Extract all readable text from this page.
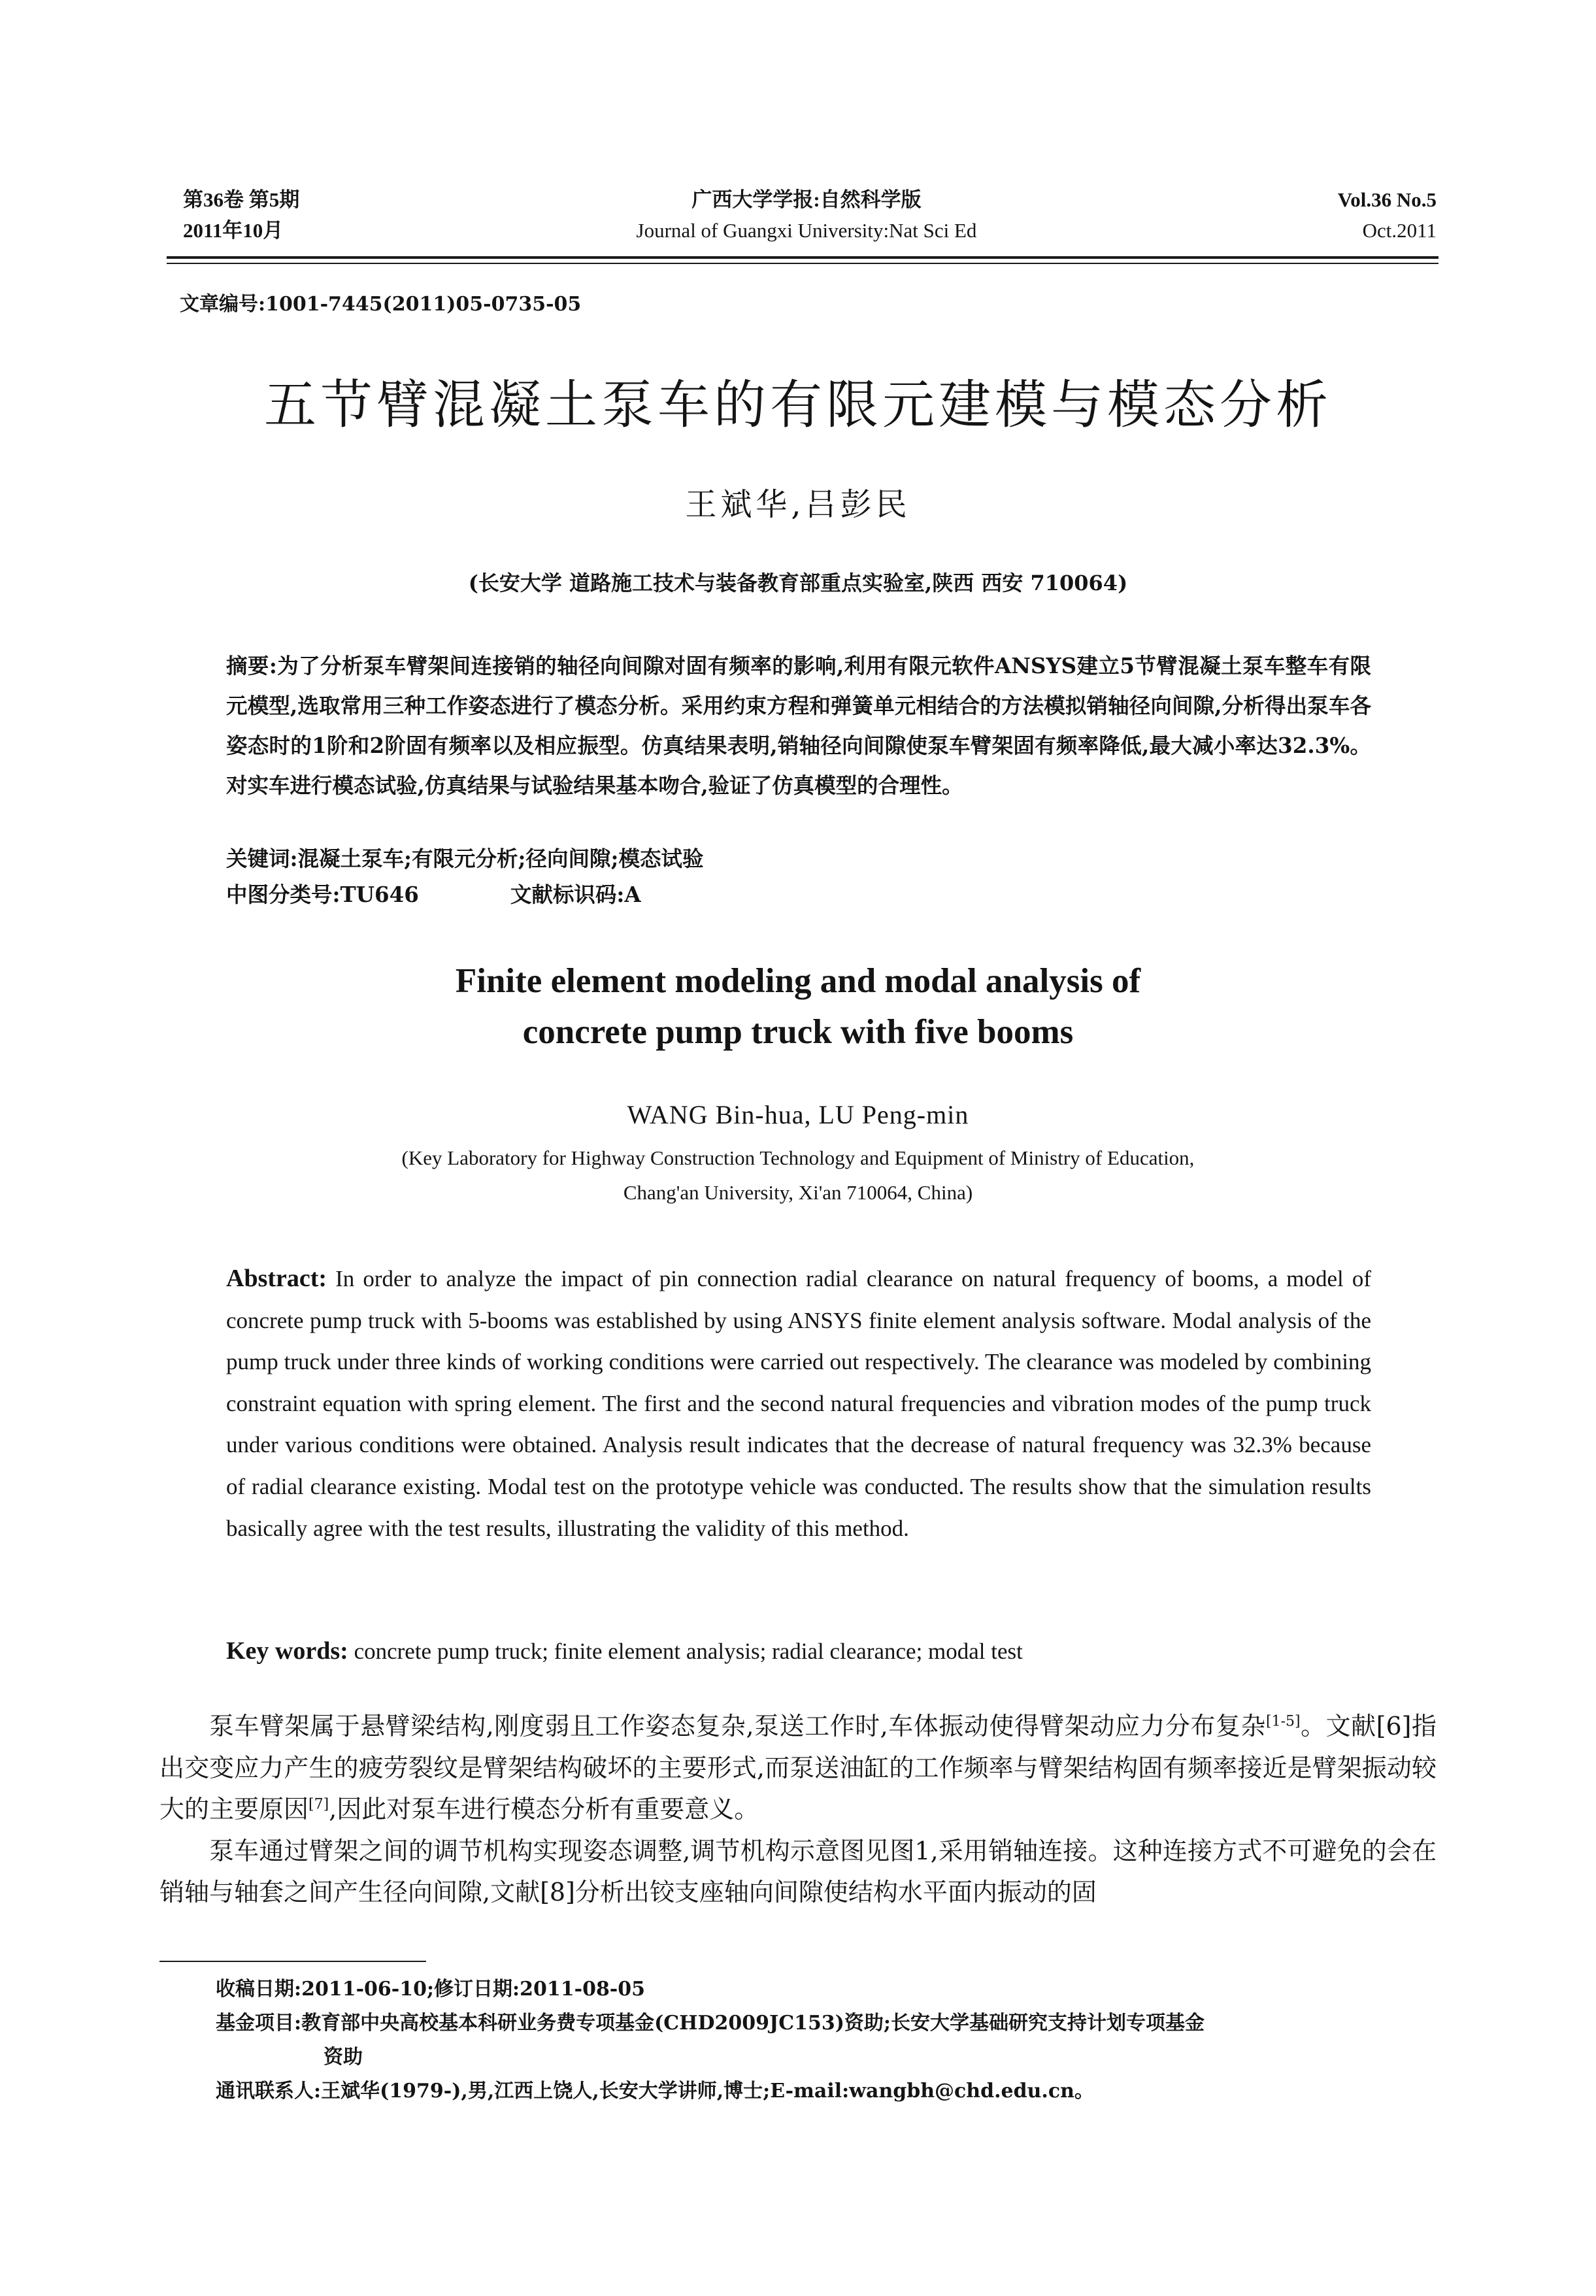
第36卷 第5期
2011年10月
广西大学学报:自然科学版
Journal of Guangxi University:Nat Sci Ed
Vol.36 No.5
Oct.2011
文章编号:1001-7445(2011)05-0735-05
五节臂混凝土泵车的有限元建模与模态分析
王斌华,吕彭民
(长安大学 道路施工技术与装备教育部重点实验室,陕西 西安 710064)
摘要:为了分析泵车臂架间连接销的轴径向间隙对固有频率的影响,利用有限元软件ANSYS建立5节臂混凝土泵车整车有限元模型,选取常用三种工作姿态进行了模态分析。采用约束方程和弹簧单元相结合的方法模拟销轴径向间隙,分析得出泵车各姿态时的1阶和2阶固有频率以及相应振型。仿真结果表明,销轴径向间隙使泵车臂架固有频率降低,最大减小率达32.3%。对实车进行模态试验,仿真结果与试验结果基本吻合,验证了仿真模型的合理性。
关键词:混凝土泵车;有限元分析;径向间隙;模态试验
中图分类号:TU646	文献标识码:A
Finite element modeling and modal analysis of
concrete pump truck with five booms
WANG Bin-hua, LU Peng-min
(Key Laboratory for Highway Construction Technology and Equipment of Ministry of Education,
Chang'an University, Xi'an 710064, China)
Abstract: In order to analyze the impact of pin connection radial clearance on natural frequency of booms, a model of concrete pump truck with 5-booms was established by using ANSYS finite element analysis software. Modal analysis of the pump truck under three kinds of working conditions were carried out respectively. The clearance was modeled by combining constraint equation with spring element. The first and the second natural frequencies and vibration modes of the pump truck under various conditions were obtained. Analysis result indicates that the decrease of natural frequency was 32.3% because of radial clearance existing. Modal test on the prototype vehicle was conducted. The results show that the simulation results basically agree with the test results, illustrating the validity of this method.
Key words: concrete pump truck; finite element analysis; radial clearance; modal test

泵车臂架属于悬臂梁结构,刚度弱且工作姿态复杂,泵送工作时,车体振动使得臂架动应力分布复杂[1-5]。文献[6]指出交变应力产生的疲劳裂纹是臂架结构破坏的主要形式,而泵送油缸的工作频率与臂架结构固有频率接近是臂架振动较大的主要原因[7],因此对泵车进行模态分析有重要意义。

泵车通过臂架之间的调节机构实现姿态调整,调节机构示意图见图1,采用销轴连接。这种连接方式不可避免的会在销轴与轴套之间产生径向间隙,文献[8]分析出铰支座轴向间隙使结构水平面内振动的固

收稿日期:2011-06-10;修订日期:2011-08-05
基金项目:教育部中央高校基本科研业务费专项基金(CHD2009JC153)资助;长安大学基础研究支持计划专项基金
资助
通讯联系人:王斌华(1979-),男,江西上饶人,长安大学讲师,博士;E-mail:wangbh@chd.edu.cn。
